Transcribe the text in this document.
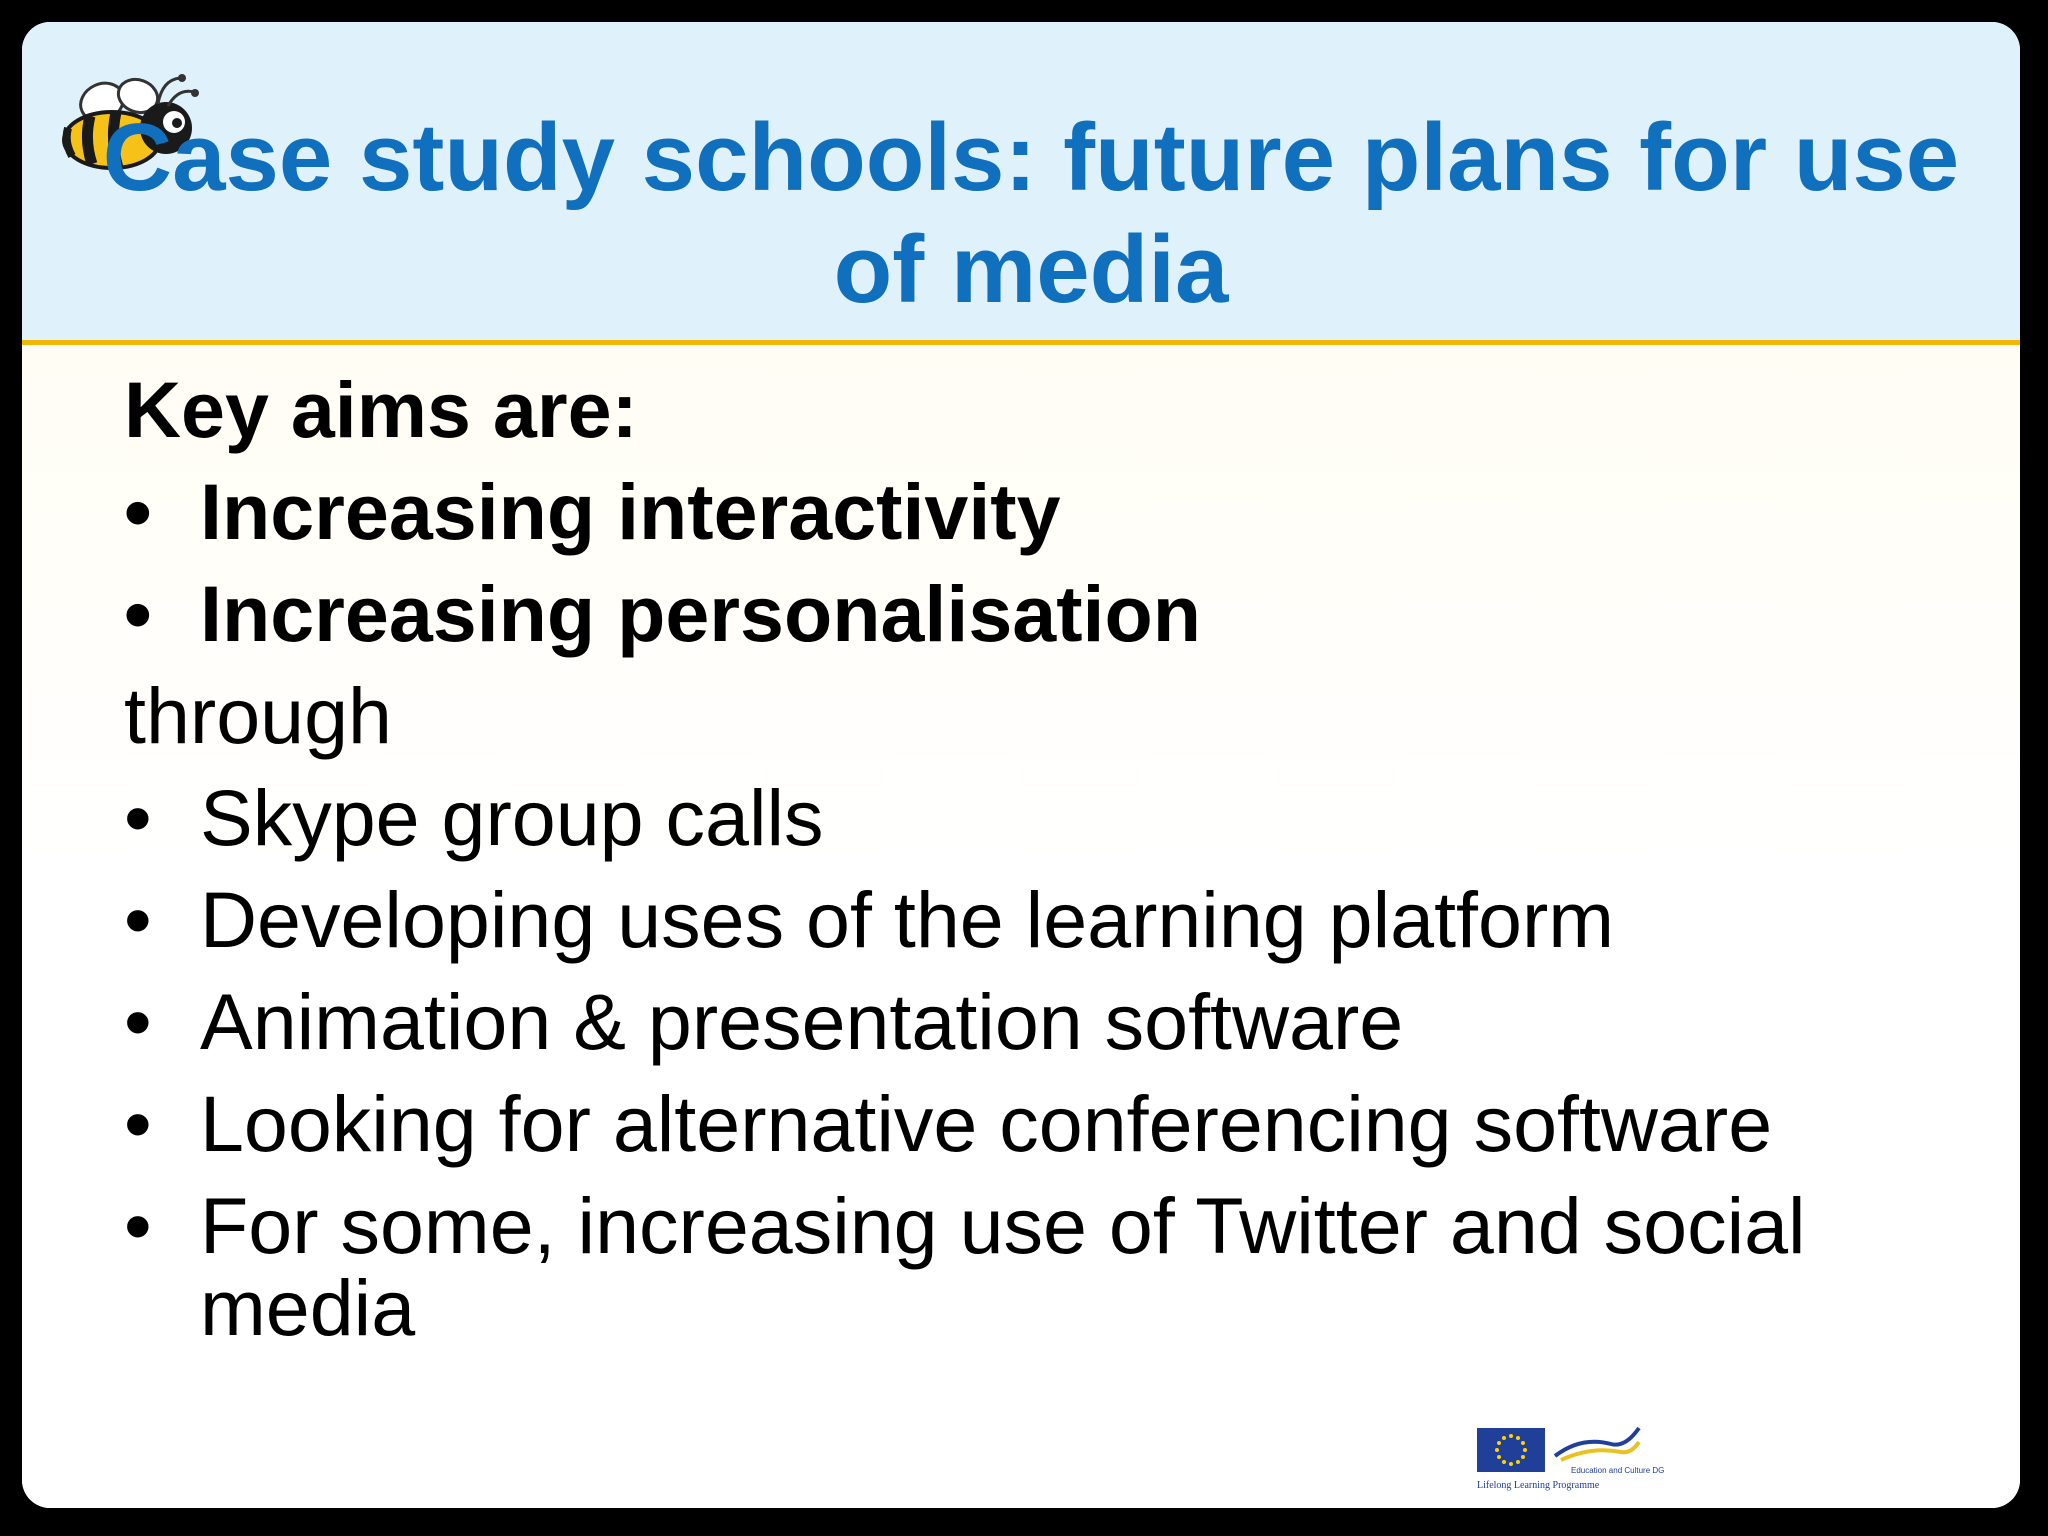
Case study schools: future plans for use of media
Education and Culture DG
Lifelong Learning Programme
Key aims are:
• Increasing interactivity
• Increasing personalisation
through
• Skype group calls
• Developing uses of the learning platform
• Animation & presentation software
• Looking for alternative conferencing software
• For some, increasing use of Twitter and social media
